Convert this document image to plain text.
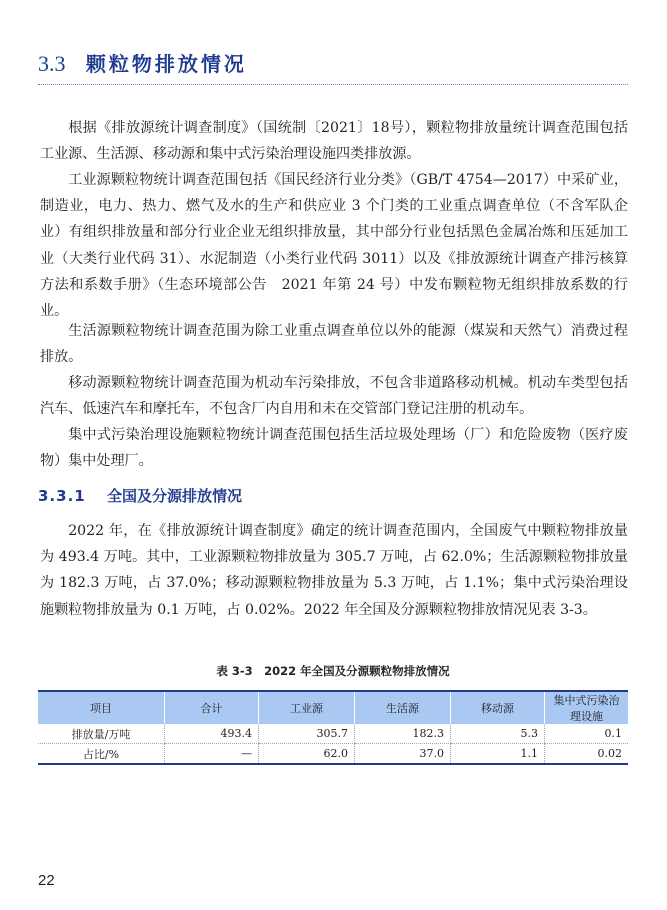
3.3 颗粒物排放情况

根据《排放源统计调查制度》（国统制〔2021〕18号），颗粒物排放量统计调查范围包括工业源、生活源、移动源和集中式污染治理设施四类排放源。

工业源颗粒物统计调查范围包括《国民经济行业分类》（GB/T 4754—2017）中采矿业，制造业，电力、热力、燃气及水的生产和供应业 3 个门类的工业重点调查单位（不含军队企业）有组织排放量和部分行业企业无组织排放量，其中部分行业包括黑色金属冶炼和压延加工业（大类行业代码 31）、水泥制造（小类行业代码 3011）以及《排放源统计调查产排污核算方法和系数手册》（生态环境部公告　2021 年第 24 号）中发布颗粒物无组织排放系数的行业。

生活源颗粒物统计调查范围为除工业重点调查单位以外的能源（煤炭和天然气）消费过程排放。

移动源颗粒物统计调查范围为机动车污染排放，不包含非道路移动机械。机动车类型包括汽车、低速汽车和摩托车，不包含厂内自用和未在交管部门登记注册的机动车。

集中式污染治理设施颗粒物统计调查范围包括生活垃圾处理场（厂）和危险废物（医疗废物）集中处理厂。

3.3.1 全国及分源排放情况

2022 年，在《排放源统计调查制度》确定的统计调查范围内，全国废气中颗粒物排放量为 493.4 万吨。其中，工业源颗粒物排放量为 305.7 万吨，占 62.0%；生活源颗粒物排放量为 182.3 万吨，占 37.0%；移动源颗粒物排放量为 5.3 万吨，占 1.1%；集中式污染治理设施颗粒物排放量为 0.1 万吨，占 0.02%。2022 年全国及分源颗粒物排放情况见表 3-3。

表 3-3　2022 年全国及分源颗粒物排放情况
项目	合计	工业源	生活源	移动源	集中式污染治理设施
排放量/万吨	493.4	305.7	182.3	5.3	0.1
占比/%	—	62.0	37.0	1.1	0.02
22
